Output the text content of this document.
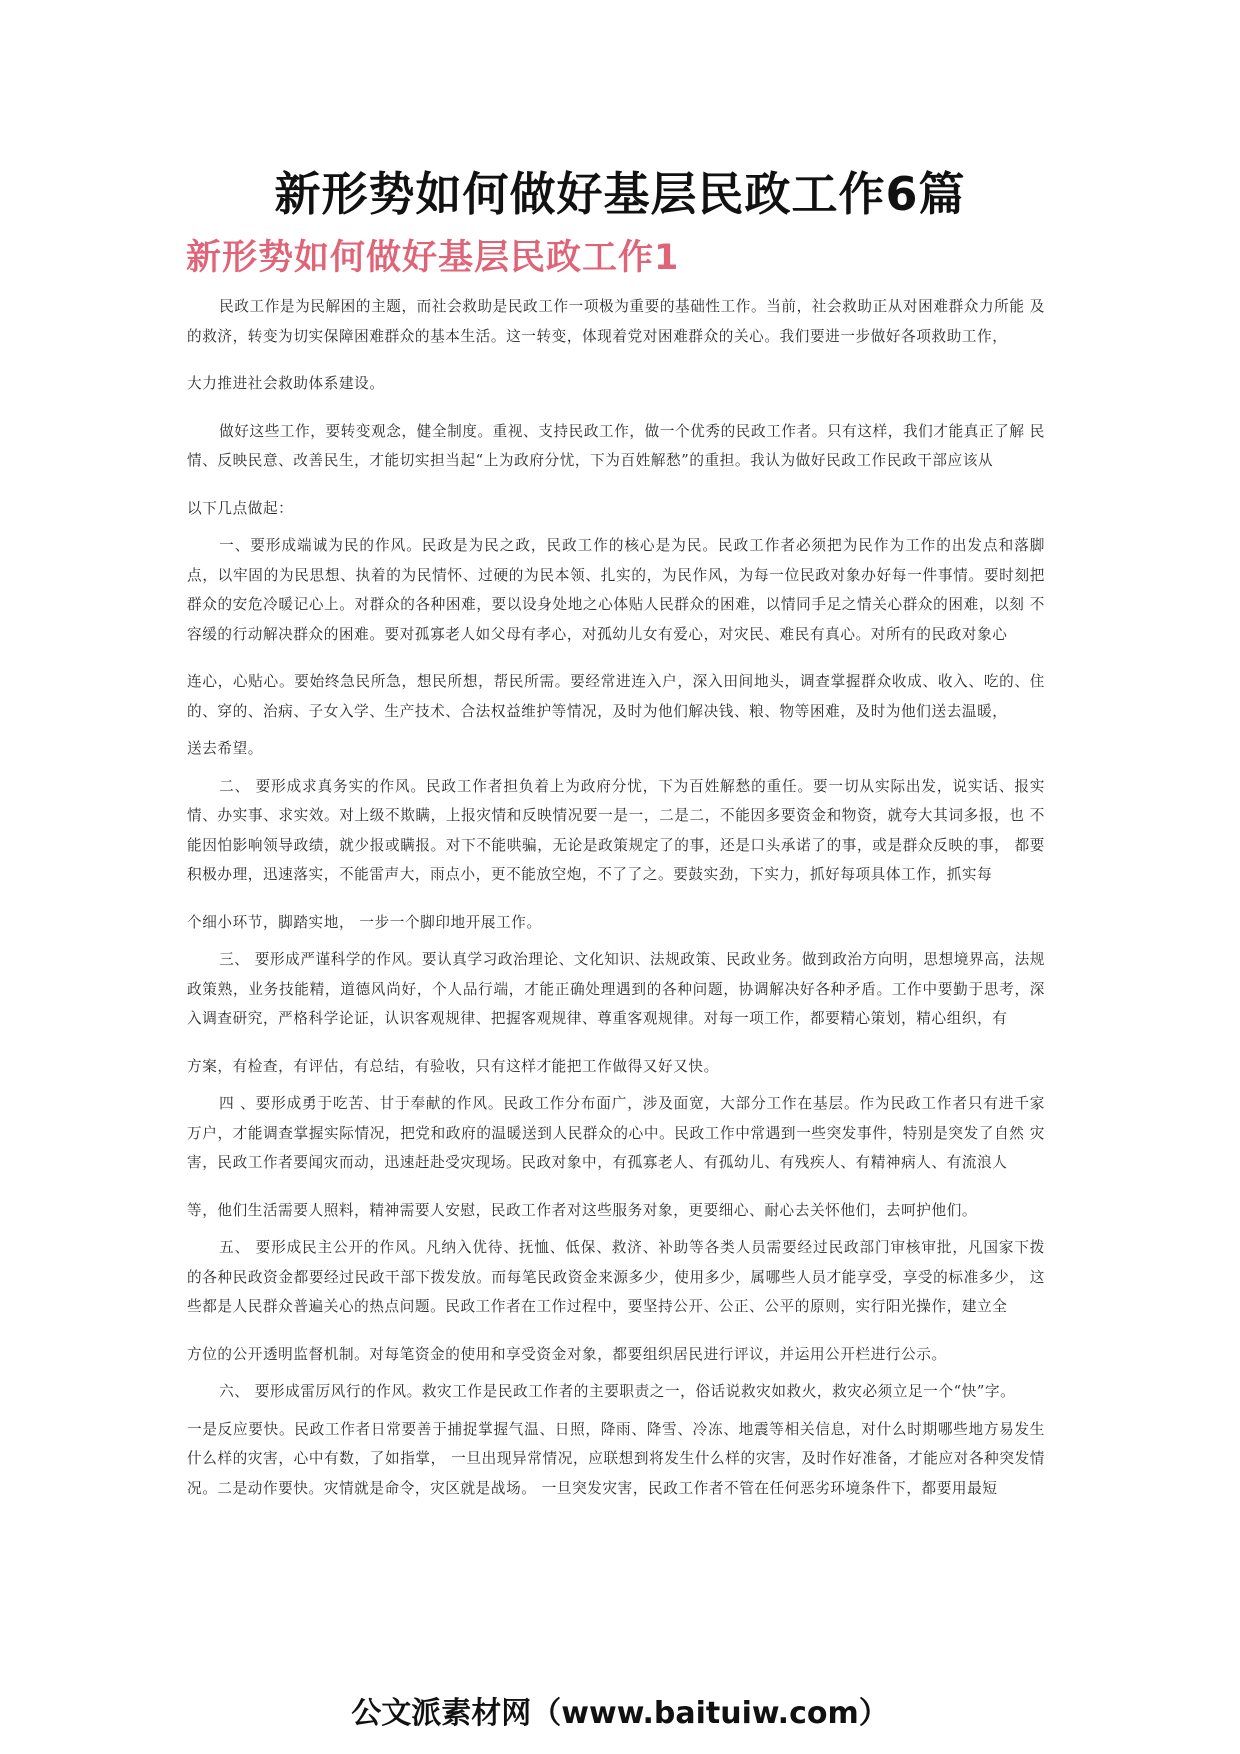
新形势如何做好基层民政工作6篇
新形势如何做好基层民政工作1

民政工作是为民解困的主题，而社会救助是民政工作一项极为重要的基础性工作。当前，社会救助正从对困难群众力所能 及的救济，转变为切实保障困难群众的基本生活。这一转变，体现着党对困难群众的关心。我们要进一步做好各项救助工作，

大力推进社会救助体系建设。

做好这些工作，要转变观念，健全制度。重视、支持民政工作，做一个优秀的民政工作者。只有这样，我们才能真正了解 民情、反映民意、改善民生，才能切实担当起“上为政府分忧，下为百姓解愁”的重担。我认为做好民政工作民政干部应该从

以下几点做起：

一、要形成端诚为民的作风。民政是为民之政，民政工作的核心是为民。民政工作者必须把为民作为工作的出发点和落脚点，以牢固的为民思想、执着的为民情怀、过硬的为民本领、扎实的，为民作风，为每一位民政对象办好每一件事情。要时刻把 群众的安危冷暖记心上。对群众的各种困难，要以设身处地之心体贴人民群众的困难，以情同手足之情关心群众的困难，以刻 不容缓的行动解决群众的困难。要对孤寡老人如父母有孝心，对孤幼儿女有爱心，对灾民、难民有真心。对所有的民政对象心

连心，心贴心。要始终急民所急，想民所想，帮民所需。要经常进连入户，深入田间地头，调查掌握群众收成、收入、吃的、住的、穿的、治病、子女入学、生产技术、合法权益维护等情况，及时为他们解决钱、粮、物等困难，及时为他们送去温暖，

送去希望。

二、 要形成求真务实的作风。民政工作者担负着上为政府分忧，下为百姓解愁的重任。要一切从实际出发，说实话、报实 情、办实事、求实效。对上级不欺瞒，上报灾情和反映情况要一是一，二是二，不能因多要资金和物资，就夸大其词多报，也 不能因怕影响领导政绩，就少报或瞒报。对下不能哄骗，无论是政策规定了的事，还是口头承诺了的事，或是群众反映的事， 都要积极办理，迅速落实，不能雷声大，雨点小，更不能放空炮，不了了之。要鼓实劲，下实力，抓好每项具体工作，抓实每

个细小环节，脚踏实地， 一步一个脚印地开展工作。

三、 要形成严谨科学的作风。要认真学习政治理论、文化知识、法规政策、民政业务。做到政治方向明，思想境界高，法规政策熟，业务技能精，道德风尚好，个人品行端，才能正确处理遇到的各种问题，协调解决好各种矛盾。工作中要勤于思考，深入调查研究，严格科学论证，认识客观规律、把握客观规律、尊重客观规律。对每一项工作，都要精心策划，精心组织，有

方案，有检查，有评估，有总结，有验收，只有这样才能把工作做得又好又快。

四 、要形成勇于吃苦、甘于奉献的作风。民政工作分布面广，涉及面宽，大部分工作在基层。作为民政工作者只有进千家 万户，才能调查掌握实际情况，把党和政府的温暖送到人民群众的心中。民政工作中常遇到一些突发事件，特别是突发了自然 灾害，民政工作者要闻灾而动，迅速赶赴受灾现场。民政对象中，有孤寡老人、有孤幼儿、有残疾人、有精神病人、有流浪人

等，他们生活需要人照料，精神需要人安慰，民政工作者对这些服务对象，更要细心、耐心去关怀他们，去呵护他们。

五、 要形成民主公开的作风。凡纳入优待、抚恤、低保、救济、补助等各类人员需要经过民政部门审核审批，凡国家下拨 的各种民政资金都要经过民政干部下拨发放。而每笔民政资金来源多少，使用多少，属哪些人员才能享受，享受的标准多少， 这些都是人民群众普遍关心的热点问题。民政工作者在工作过程中，要坚持公开、公正、公平的原则，实行阳光操作，建立全

方位的公开透明监督机制。对每笔资金的使用和享受资金对象，都要组织居民进行评议，并运用公开栏进行公示。

六、 要形成雷厉风行的作风。救灾工作是民政工作者的主要职责之一，俗话说救灾如救火，救灾必须立足一个“快”字。

一是反应要快。民政工作者日常要善于捕捉掌握气温、日照，降雨、降雪、冷冻、地震等相关信息，对什么时期哪些地方易发生什么样的灾害，心中有数，了如指掌， 一旦出现异常情况，应联想到将发生什么样的灾害，及时作好准备，才能应对各种突发情况。二是动作要快。灾情就是命令，灾区就是战场。 一旦突发灾害，民政工作者不管在任何恶劣环境条件下，都要用最短

公文派素材网（www.baituiw.com）
